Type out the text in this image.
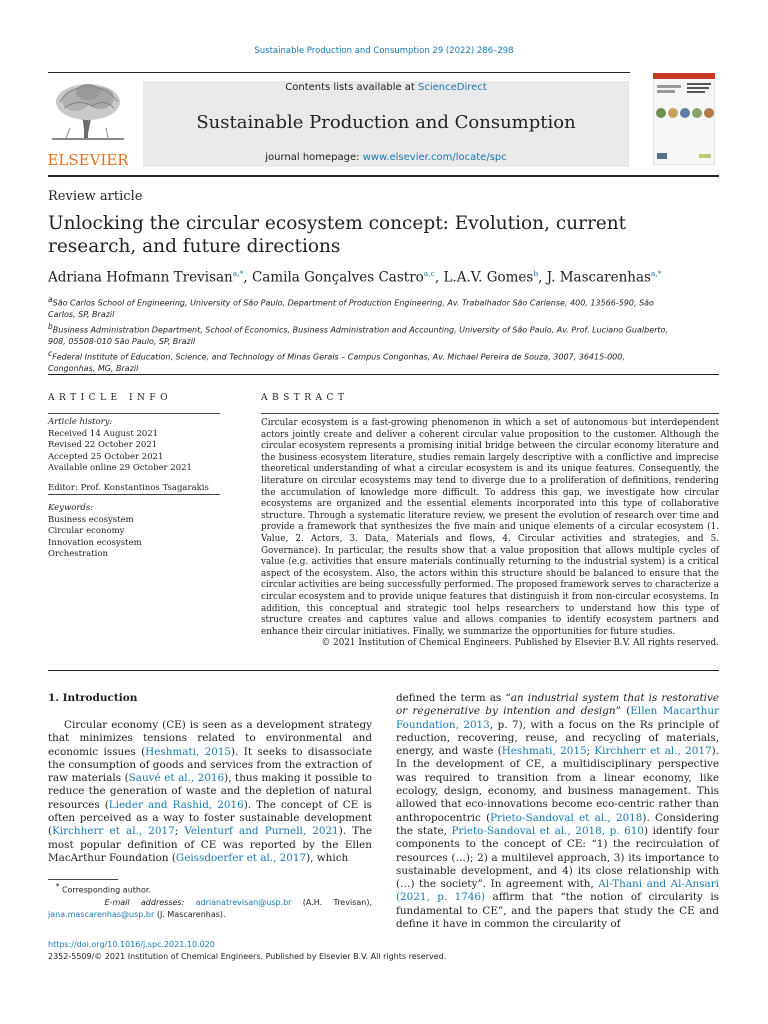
Sustainable Production and Consumption 29 (2022) 286–298
ELSEVIER
Contents lists available at ScienceDirect
Sustainable Production and Consumption
journal homepage: www.elsevier.com/locate/spc
Review article
Unlocking the circular ecosystem concept: Evolution, current research, and future directions
Adriana Hofmann Trevisan$^{a,*}$, Camila Gonçalves Castro$^{a,c}$, L.A.V. Gomes$^b$, J. Mascarenhas$^{a,*}$
$^a$São Carlos School of Engineering, University of São Paulo, Department of Production Engineering, Av. Trabalhador São Carlense, 400, 13566-590, São Carlos, SP, Brazil
$^b$Business Administration Department, School of Economics, Business Administration and Accounting, University of São Paulo, Av. Prof. Luciano Gualberto, 908, 05508-010 São Paulo, SP, Brazil
$^c$Federal Institute of Education, Science, and Technology of Minas Gerais – Campus Congonhas, Av. Michael Pereira de Souza, 3007, 36415-000, Congonhas, MG, Brazil
ARTICLE INFO
Article history:
Received 14 August 2021
Revised 22 October 2021
Accepted 25 October 2021
Available online 29 October 2021
Editor: Prof. Konstantinos Tsagarakis
Keywords:
Business ecosystem
Circular economy
Innovation ecosystem
Orchestration
ABSTRACT
Circular ecosystem is a fast-growing phenomenon in which a set of autonomous but interdependent actors jointly create and deliver a coherent circular value proposition to the customer. Although the circular ecosystem represents a promising initial bridge between the circular economy literature and the business ecosystem literature, studies remain largely descriptive with a conflictive and imprecise theoretical understanding of what a circular ecosystem is and its unique features. Consequently, the literature on circular ecosystems may tend to diverge due to a proliferation of definitions, rendering the accumulation of knowledge more difficult. To address this gap, we investigate how circular ecosystems are organized and the essential elements incorporated into this type of collaborative structure. Through a systematic literature review, we present the evolution of research over time and provide a framework that synthesizes the five main and unique elements of a circular ecosystem (1. Value, 2. Actors, 3. Data, Materials and flows, 4. Circular activities and strategies, and 5. Governance). In particular, the results show that a value proposition that allows multiple cycles of value (e.g. activities that ensure materials continually returning to the industrial system) is a critical aspect of the ecosystem. Also, the actors within this structure should be balanced to ensure that the circular activities are being successfully performed. The proposed framework serves to characterize a circular ecosystem and to provide unique features that distinguish it from non-circular ecosystems. In addition, this conceptual and strategic tool helps researchers to understand how this type of structure creates and captures value and allows companies to identify ecosystem partners and enhance their circular initiatives. Finally, we summarize the opportunities for future studies.
© 2021 Institution of Chemical Engineers. Published by Elsevier B.V. All rights reserved.
1. Introduction

Circular economy (CE) is seen as a development strategy that minimizes tensions related to environmental and economic issues (Heshmati, 2015). It seeks to disassociate the consumption of goods and services from the extraction of raw materials (Sauvé et al., 2016), thus making it possible to reduce the generation of waste and the depletion of natural resources (Lieder and Rashid, 2016). The concept of CE is often perceived as a way to foster sustainable development (Kirchherr et al., 2017; Velenturf and Purnell, 2021). The most popular definition of CE was reported by the Ellen MacArthur Foundation (Geissdoerfer et al., 2017), which

defined the term as “an industrial system that is restorative or regenerative by intention and design” (Ellen Macarthur Foundation, 2013, p. 7), with a focus on the Rs principle of reduction, recovering, reuse, and recycling of materials, energy, and waste (Heshmati, 2015; Kirchherr et al., 2017). In the development of CE, a multidisciplinary perspective was required to transition from a linear economy, like ecology, design, economy, and business management. This allowed that eco-innovations become eco-centric rather than anthropocentric (Prieto-Sandoval et al., 2018). Considering the state, Prieto-Sandoval et al., 2018, p. 610) identify four components to the concept of CE: “1) the recirculation of resources (…); 2) a multilevel approach, 3) its importance to sustainable development, and 4) its close relationship with (…) the society”. In agreement with, Al-Thani and Al-Ansari (2021, p. 1746) affirm that “the notion of circularity is fundamental to CE”, and the papers that study the CE and define it have in common the circularity of

* Corresponding author.
E-mail addresses: adrianatrevisan@usp.br (A.H. Trevisan), jana.mascarenhas@usp.br (J. Mascarenhas).
https://doi.org/10.1016/j.spc.2021.10.020
2352-5509/© 2021 Institution of Chemical Engineers. Published by Elsevier B.V. All rights reserved.
